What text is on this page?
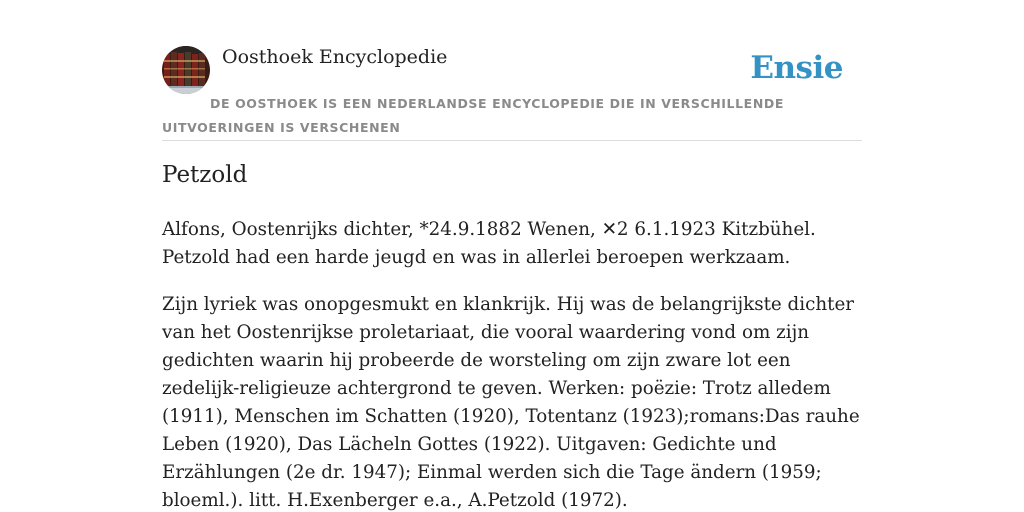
Oosthoek Encyclopedie	Ensie
DE OOSTHOEK IS EEN NEDERLANDSE ENCYCLOPEDIE DIE IN VERSCHILLENDE UITVOERINGEN IS VERSCHENEN
Petzold

Alfons, Oostenrijks dichter, *24.9.1882 Wenen, ✕2 6.1.1923 Kitzbühel. Petzold had een harde jeugd en was in allerlei beroepen werkzaam.

Zijn lyriek was onopgesmukt en klankrijk. Hij was de belangrijkste dichter van het Oostenrijkse proletariaat, die vooral waardering vond om zijn gedichten waarin hij probeerde de worsteling om zijn zware lot een zedelijk-religieuze achtergrond te geven. Werken: poëzie: Trotz alledem (1911), Menschen im Schatten (1920), Totentanz (1923);romans:Das rauhe Leben (1920), Das Lächeln Gottes (1922). Uitgaven: Gedichte und Erzählungen (2e dr. 1947); Einmal werden sich die Tage ändern (1959; bloeml.). litt. H.Exenberger e.a., A.Petzold (1972).
